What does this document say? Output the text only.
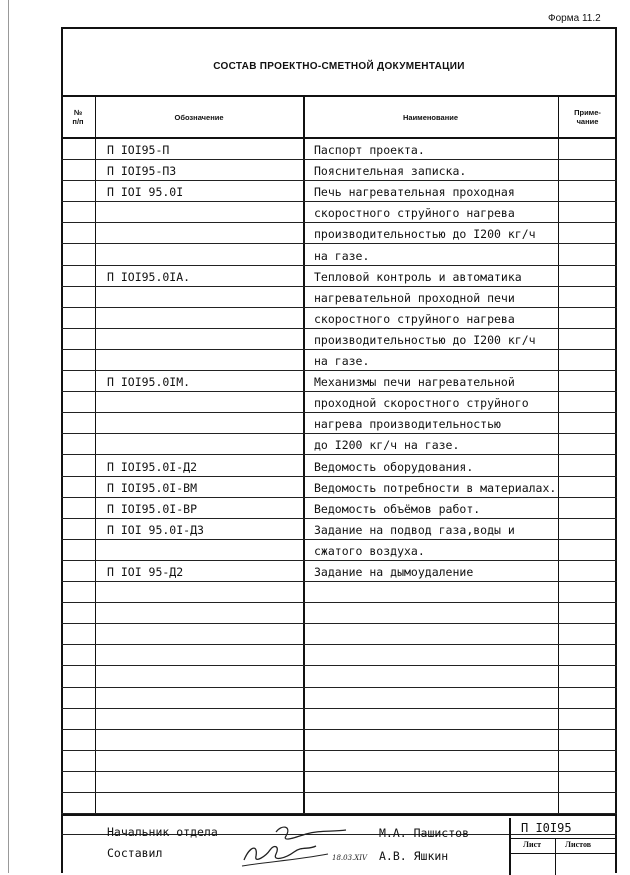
Форма 11.2
СОСТАВ ПРОЕКТНО-СМЕТНОЙ ДОКУМЕНТАЦИИ
№
п/п	Обозначение	Наименование	Приме-
чание
П IOI95-П	Паспорт проекта.
П IOI95-ПЗ	Пояснительная записка.
П IOI 95.0I	Печь нагревательная проходная
скоростного струйного нагрева
производительностью до I200 кг/ч
на газе.
П IOI95.0IА.	Тепловой контроль и автоматика
нагревательной проходной печи
скоростного струйного нагрева
производительностью до I200 кг/ч
на газе.
П IOI95.0IМ.	Механизмы печи нагревательной
проходной скоростного струйного
нагрева производительностью
до I200 кг/ч на газе.
П IOI95.0I-Д2	Ведомость оборудования.
П IOI95.0I-ВМ	Ведомость потребности в материалах.
П IOI95.0I-ВР	Ведомость объёмов работ.
П IOI 95.0I-ДЗ	Задание на подвод газа,воды и
сжатого воздуха.
П IOI 95-Д2	Задание на дымоудаление
Начальник отдела
Составил
М.А. Пашистов
А.В. Яшкин
18.03.XIV
П I0I95
Лист	Листов
